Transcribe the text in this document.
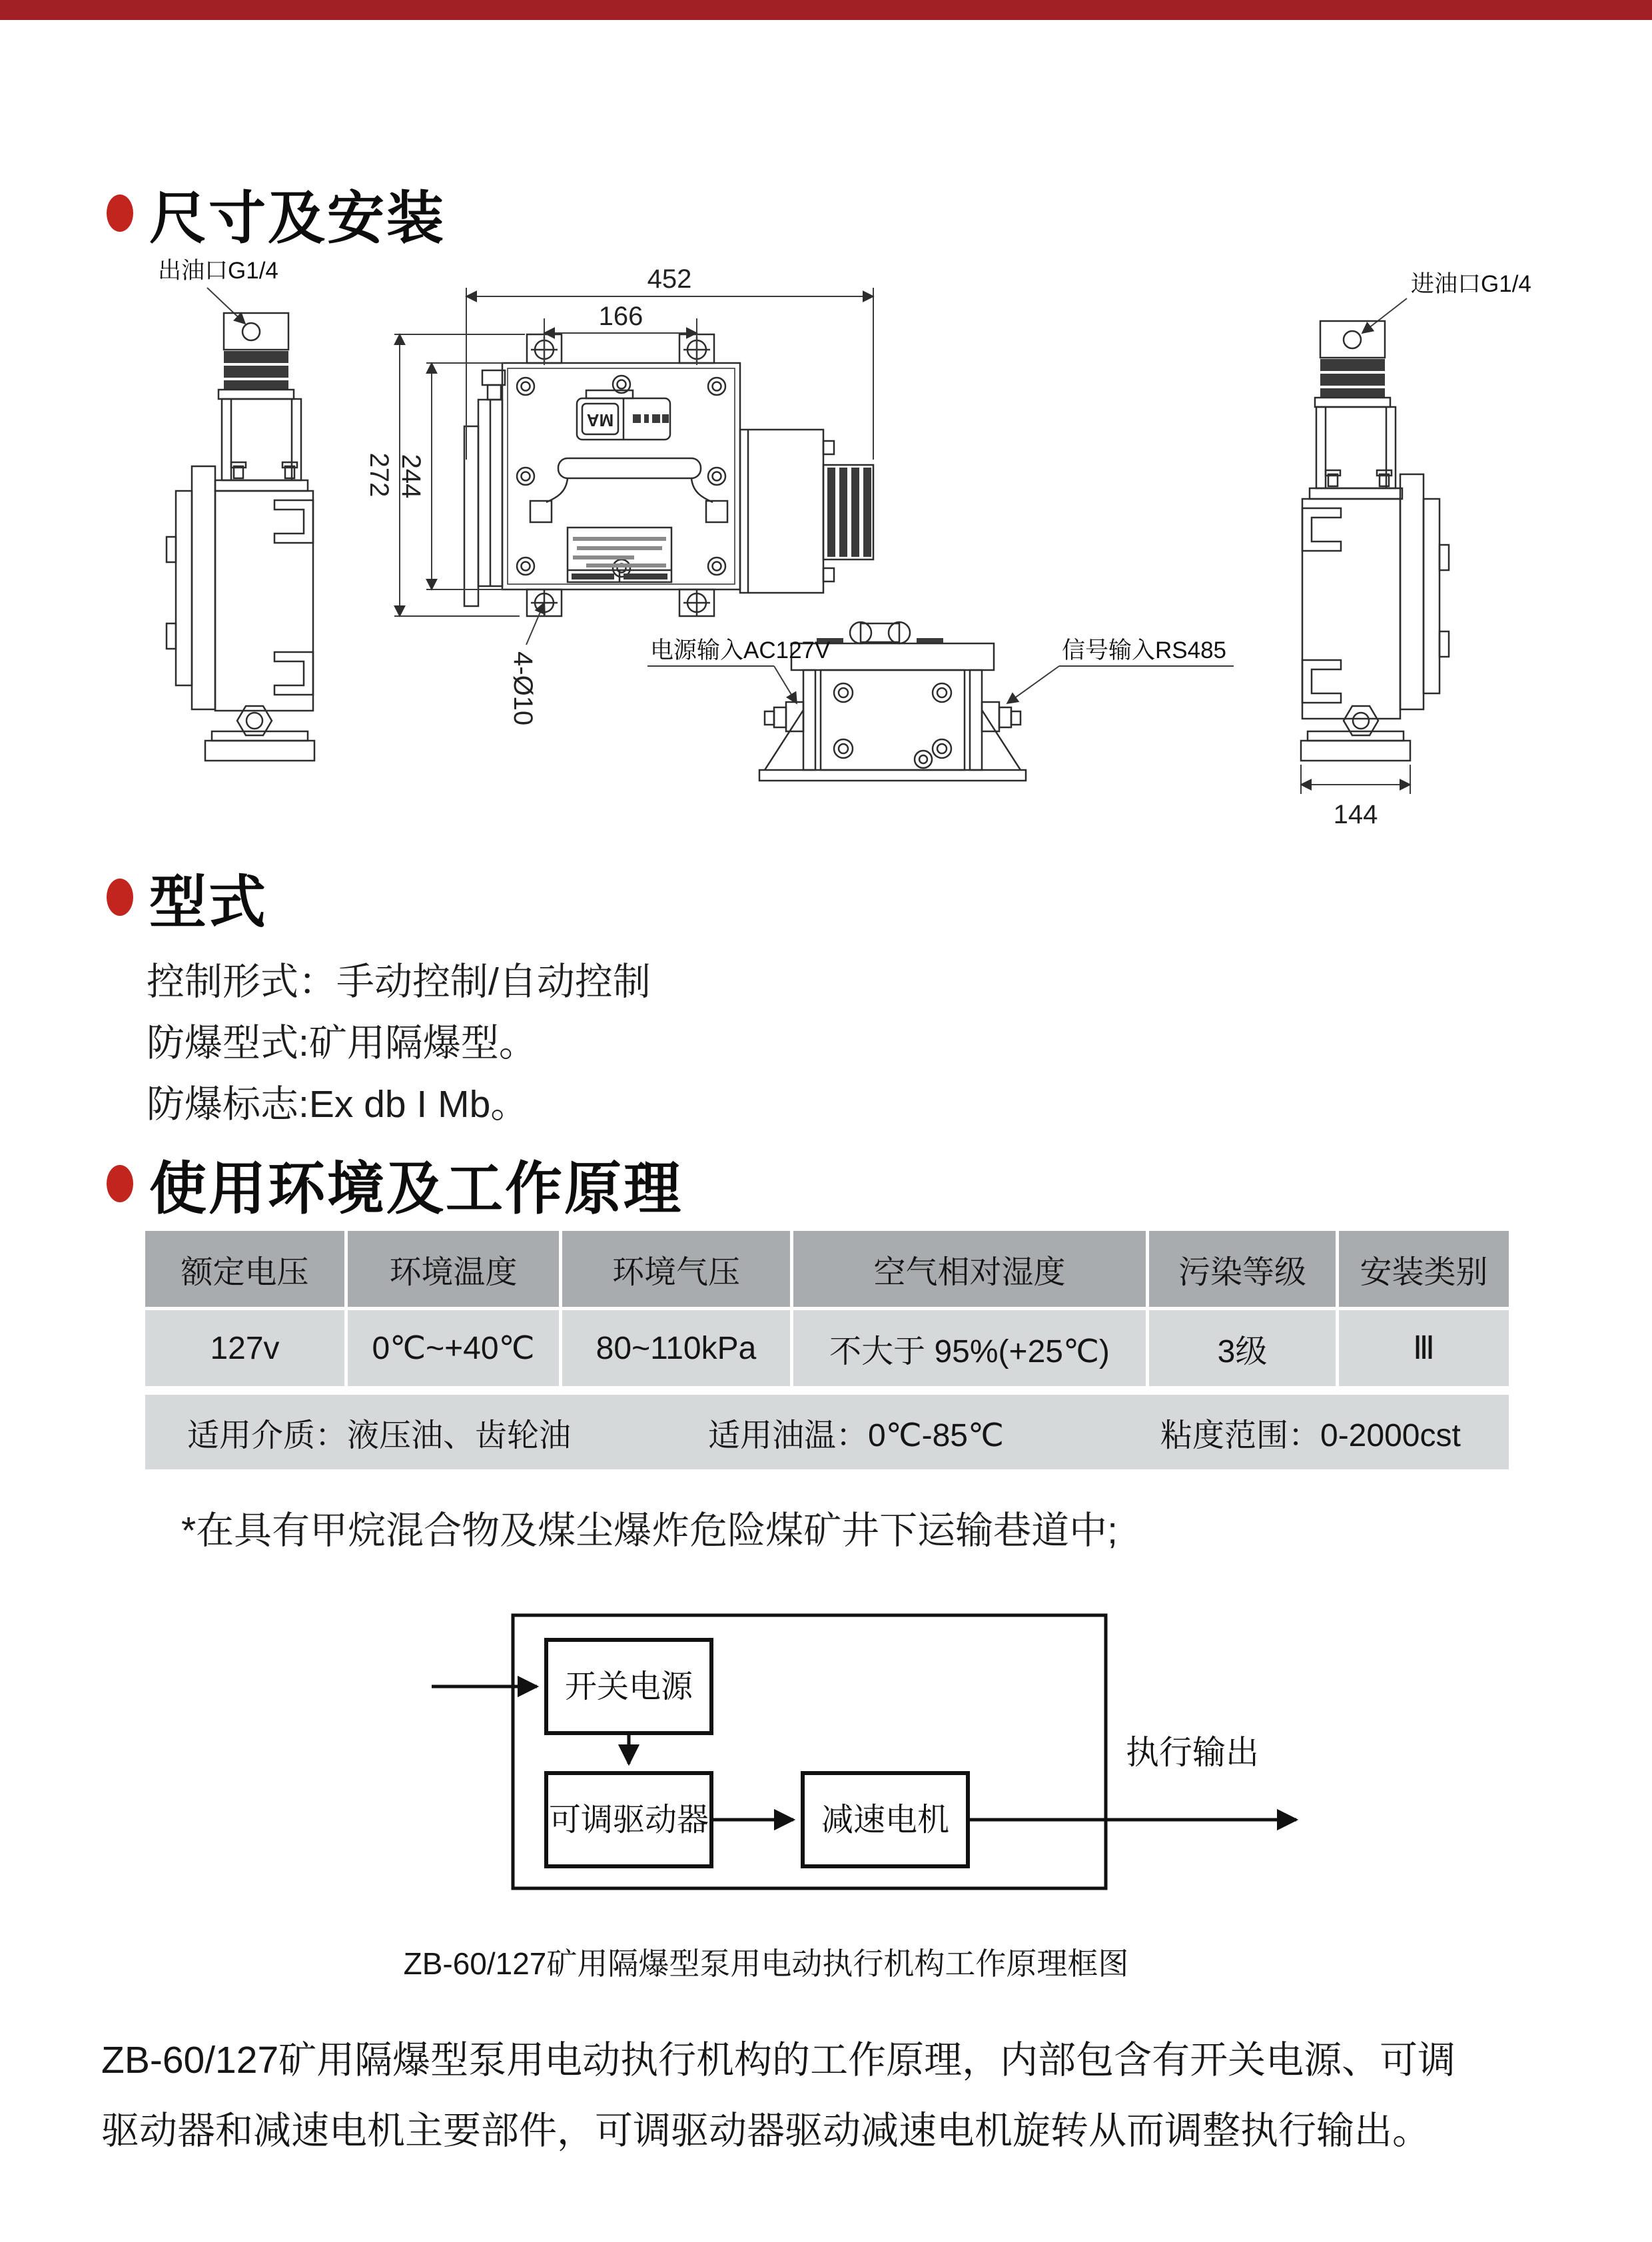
尺寸及安装
出油口G1/4
MA
452
166
272 244
4-Ø10
电源输入AC127V	信号输入RS485
进油口G1/4
144
型式
控制形式：手动控制/自动控制
防爆型式:矿用隔爆型。
防爆标志:Ex db I Mb。
使用环境及工作原理
额定电压	环境温度	环境气压	空气相对湿度	污染等级	安装类别
127v	0℃~+40℃	80~110kPa	不大于 95%(+25℃)	3级	Ⅲ
适用介质：液压油、齿轮油	适用油温：0℃-85℃	粘度范围：0-2000cst
*在具有甲烷混合物及煤尘爆炸危险煤矿井下运输巷道中;
开关电源
可调驱动器	减速电机
执行输出
ZB-60/127矿用隔爆型泵用电动执行机构工作原理框图
ZB-60/127矿用隔爆型泵用电动执行机构的工作原理，内部包含有开关电源、可调
驱动器和减速电机主要部件，可调驱动器驱动减速电机旋转从而调整执行输出。
